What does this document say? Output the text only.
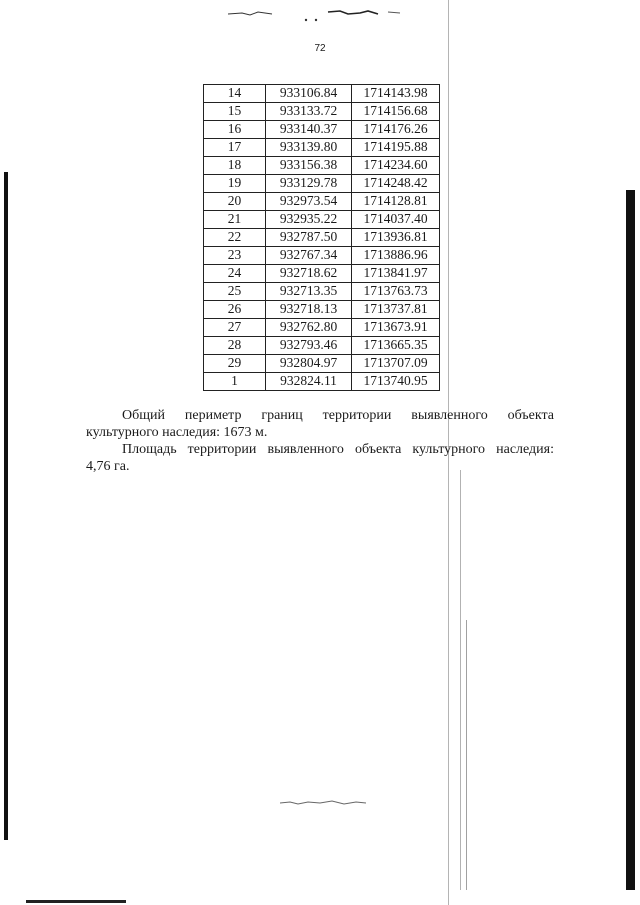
72
14	933106.84	1714143.98
15	933133.72	1714156.68
16	933140.37	1714176.26
17	933139.80	1714195.88
18	933156.38	1714234.60
19	933129.78	1714248.42
20	932973.54	1714128.81
21	932935.22	1714037.40
22	932787.50	1713936.81
23	932767.34	1713886.96
24	932718.62	1713841.97
25	932713.35	1713763.73
26	932718.13	1713737.81
27	932762.80	1713673.91
28	932793.46	1713665.35
29	932804.97	1713707.09
1	932824.11	1713740.95
Общий периметр границ территории выявленного объекта
культурного наследия: 1673 м.
Площадь территории выявленного объекта культурного наследия:
4,76 га.
